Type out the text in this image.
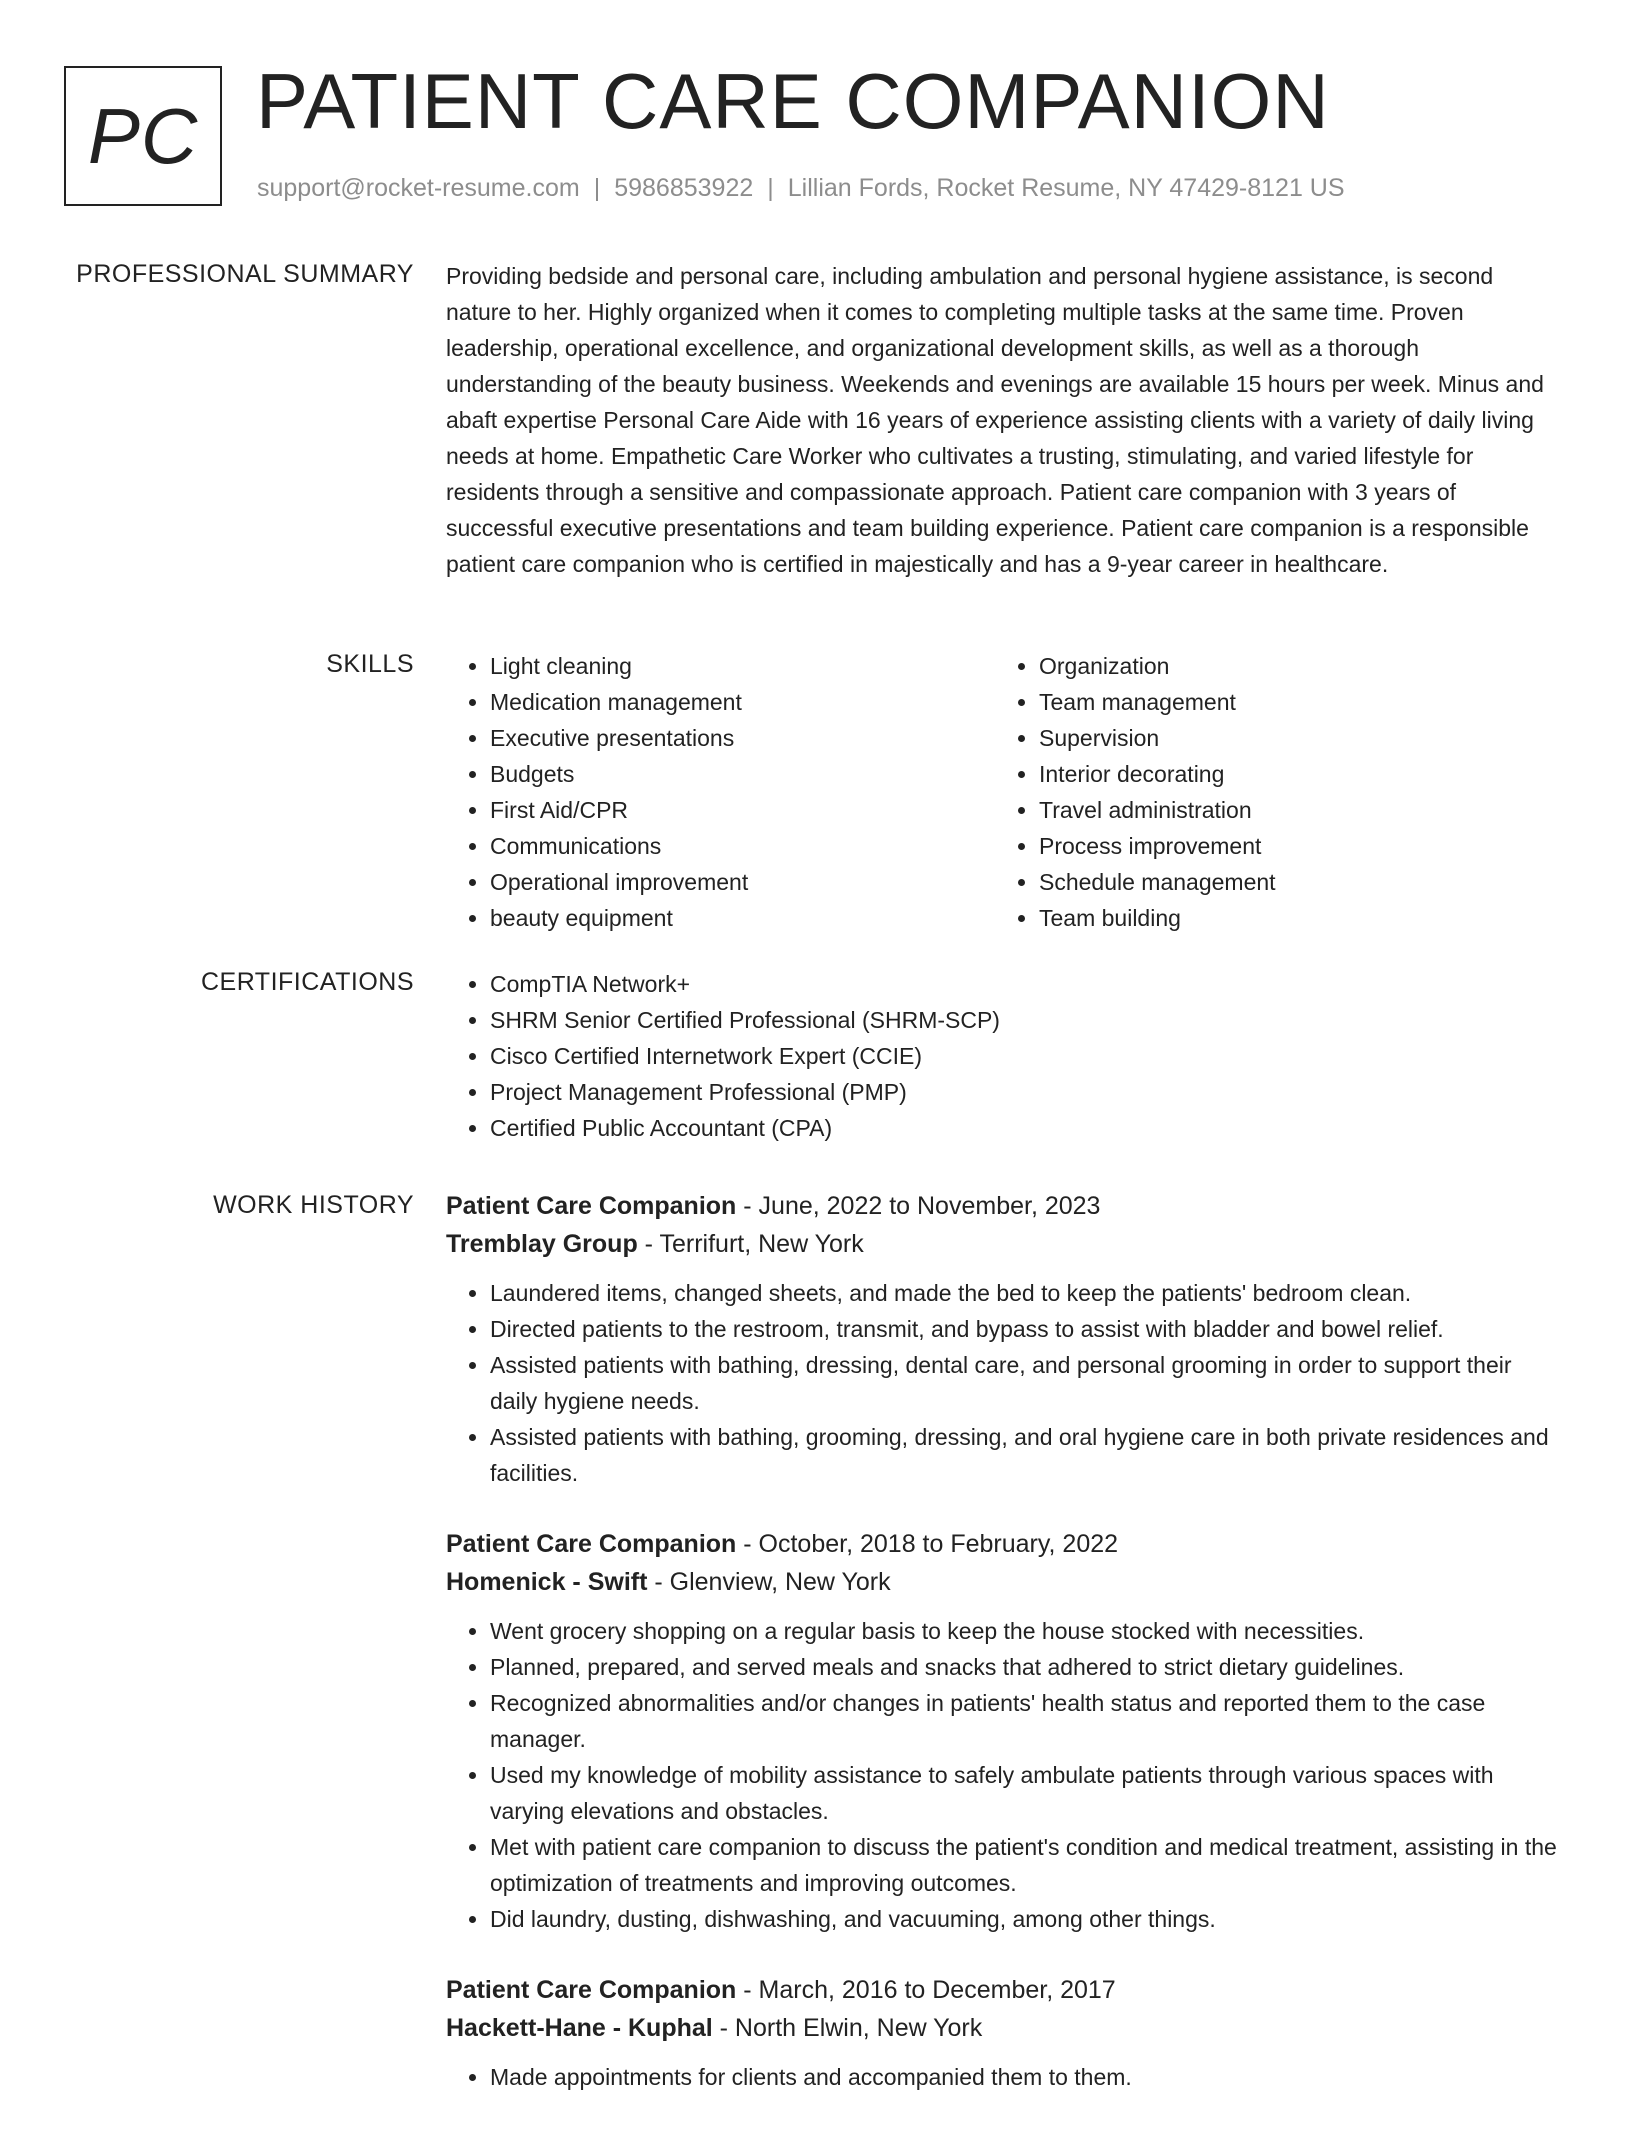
PC PATIENT CARE COMPANION
support@rocket-resume.com | 5986853922 | Lillian Fords, Rocket Resume, NY 47429-8121 US
PROFESSIONAL SUMMARY Providing bedside and personal care, including ambulation and personal hygiene assistance, is second nature to her. Highly organized when it comes to completing multiple tasks at the same time. Proven leadership, operational excellence, and organizational development skills, as well as a thorough understanding of the beauty business. Weekends and evenings are available 15 hours per week. Minus and abaft expertise Personal Care Aide with 16 years of experience assisting clients with a variety of daily living needs at home. Empathetic Care Worker who cultivates a trusting, stimulating, and varied lifestyle for residents through a sensitive and compassionate approach. Patient care companion with 3 years of successful executive presentations and team building experience. Patient care companion is a responsible patient care companion who is certified in majestically and has a 9-year career in healthcare.

SKILLS	• Light cleaning
• Medication management
• Executive presentations
• Budgets
• First Aid/CPR
• Communications
• Operational improvement
• beauty equipment
• Organization
• Team management
• Supervision
• Interior decorating
• Travel administration
• Process improvement
• Schedule management
• Team building
CERTIFICATIONS	• CompTIA Network+
• SHRM Senior Certified Professional (SHRM-SCP)
• Cisco Certified Internetwork Expert (CCIE)
• Project Management Professional (PMP)
• Certified Public Accountant (CPA)
WORK HISTORY Patient Care Companion - June, 2022 to November, 2023
Tremblay Group - Terrifurt, New York
• Laundered items, changed sheets, and made the bed to keep the patients' bedroom clean.
• Directed patients to the restroom, transmit, and bypass to assist with bladder and bowel relief.
• Assisted patients with bathing, dressing, dental care, and personal grooming in order to support their daily hygiene needs.
• Assisted patients with bathing, grooming, dressing, and oral hygiene care in both private residences and facilities.
Patient Care Companion - October, 2018 to February, 2022
Homenick - Swift - Glenview, New York
• Went grocery shopping on a regular basis to keep the house stocked with necessities.
• Planned, prepared, and served meals and snacks that adhered to strict dietary guidelines.
• Recognized abnormalities and/or changes in patients' health status and reported them to the case manager.
• Used my knowledge of mobility assistance to safely ambulate patients through various spaces with varying elevations and obstacles.
• Met with patient care companion to discuss the patient's condition and medical treatment, assisting in the optimization of treatments and improving outcomes.
• Did laundry, dusting, dishwashing, and vacuuming, among other things.
Patient Care Companion - March, 2016 to December, 2017
Hackett-Hane - Kuphal - North Elwin, New York
• Made appointments for clients and accompanied them to them.
